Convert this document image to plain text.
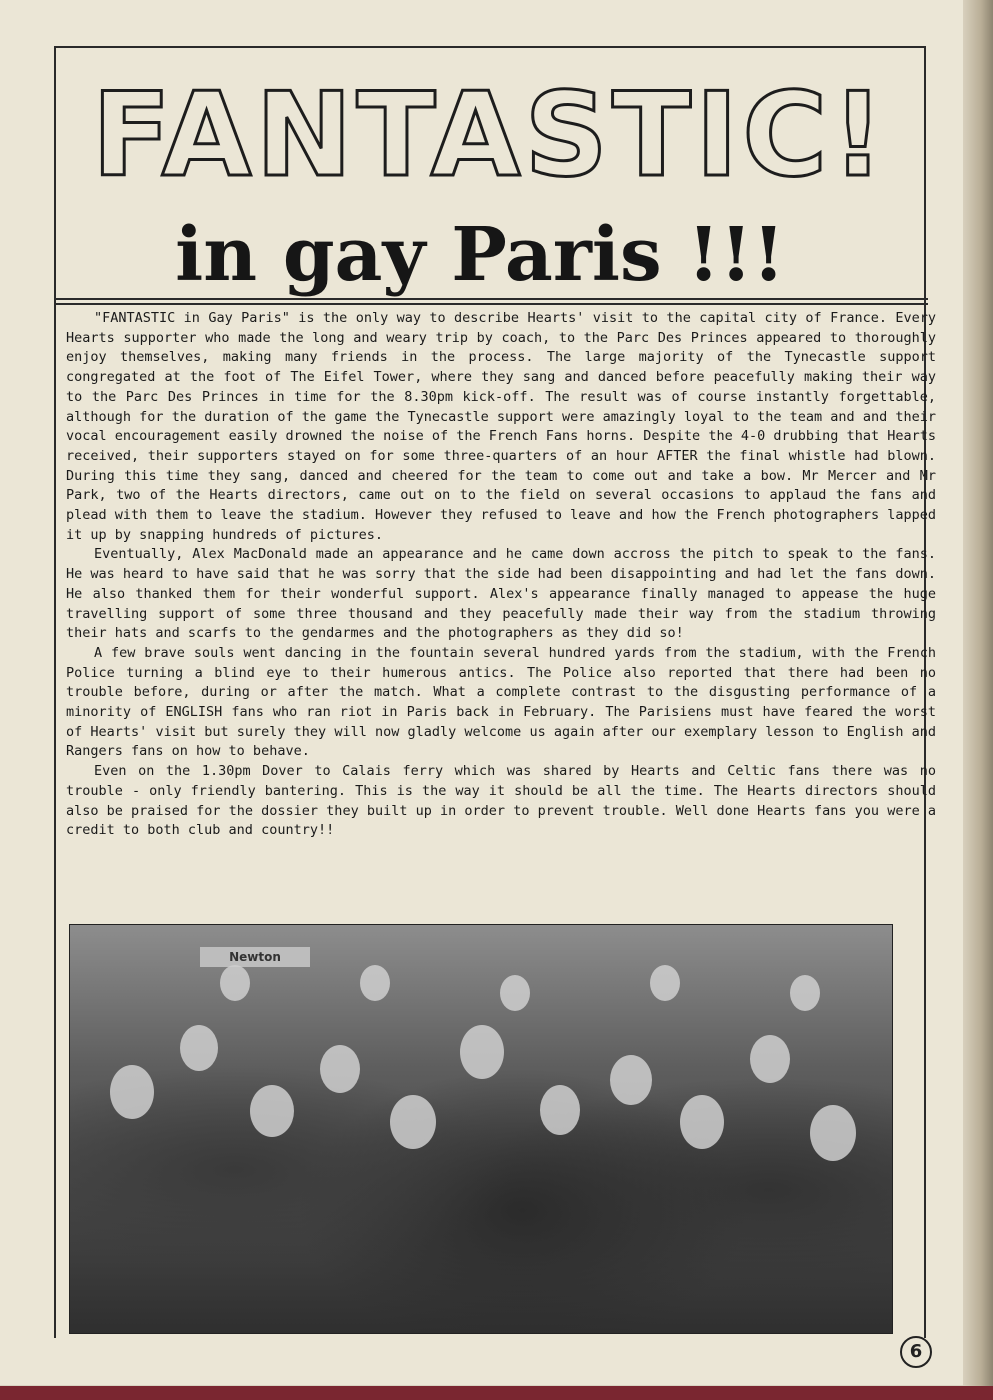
FANTASTIC!
in gay Paris !!!

"FANTASTIC in Gay Paris" is the only way to describe Hearts' visit to the capital city of France. Every Hearts supporter who made the long and weary trip by coach, to the Parc Des Princes appeared to thoroughly enjoy themselves, making many friends in the process. The large majority of the Tynecastle support congregated at the foot of The Eifel Tower, where they sang and danced before peacefully making their way to the Parc Des Princes in time for the 8.30pm kick-off. The result was of course instantly forgettable, although for the duration of the game the Tynecastle support were amazingly loyal to the team and and their vocal encouragement easily drowned the noise of the French Fans horns. Despite the 4-0 drubbing that Hearts received, their supporters stayed on for some three-quarters of an hour AFTER the final whistle had blown. During this time they sang, danced and cheered for the team to come out and take a bow. Mr Mercer and Mr Park, two of the Hearts directors, came out on to the field on several occasions to applaud the fans and plead with them to leave the stadium. However they refused to leave and how the French photographers lapped it up by snapping hundreds of pictures.

Eventually, Alex MacDonald made an appearance and he came down accross the pitch to speak to the fans. He was heard to have said that he was sorry that the side had been disappointing and had let the fans down. He also thanked them for their wonderful support. Alex's appearance finally managed to appease the huge travelling support of some three thousand and they peacefully made their way from the stadium throwing their hats and scarfs to the gendarmes and the photographers as they did so!

A few brave souls went dancing in the fountain several hundred yards from the stadium, with the French Police turning a blind eye to their humerous antics. The Police also reported that there had been no trouble before, during or after the match. What a complete contrast to the disgusting performance of a minority of ENGLISH fans who ran riot in Paris back in February. The Parisiens must have feared the worst of Hearts' visit but surely they will now gladly welcome us again after our exemplary lesson to English and Rangers fans on how to behave.

Even on the 1.30pm Dover to Calais ferry which was shared by Hearts and Celtic fans there was no trouble - only friendly bantering. This is the way it should be all the time. The Hearts directors should also be praised for the dossier they built up in order to prevent trouble. Well done Hearts fans you were a credit to both club and country!!

Newton
6
